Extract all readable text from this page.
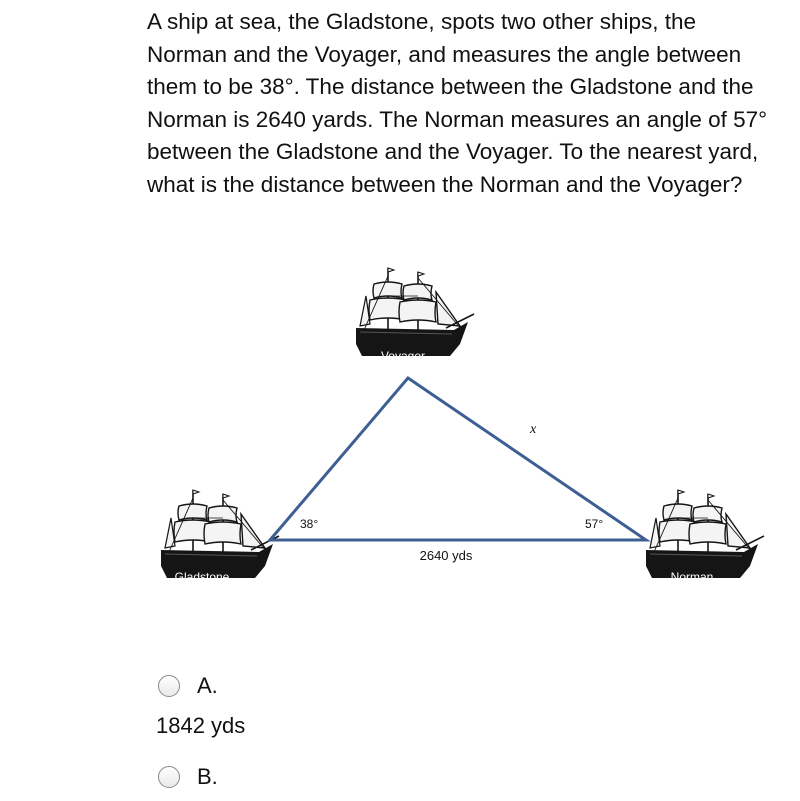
A ship at sea, the Gladstone, spots two other ships, the Norman and the Voyager, and measures the angle between them to be 38°. The distance between the Gladstone and the Norman is 2640 yards. The Norman measures an angle of 57° between the Gladstone and the Voyager. To the nearest yard, what is the distance between the Norman and the Voyager?

Voyager
Gladstone	Norman
38°	57°
2640 yds
x
A.
1842 yds
B.
